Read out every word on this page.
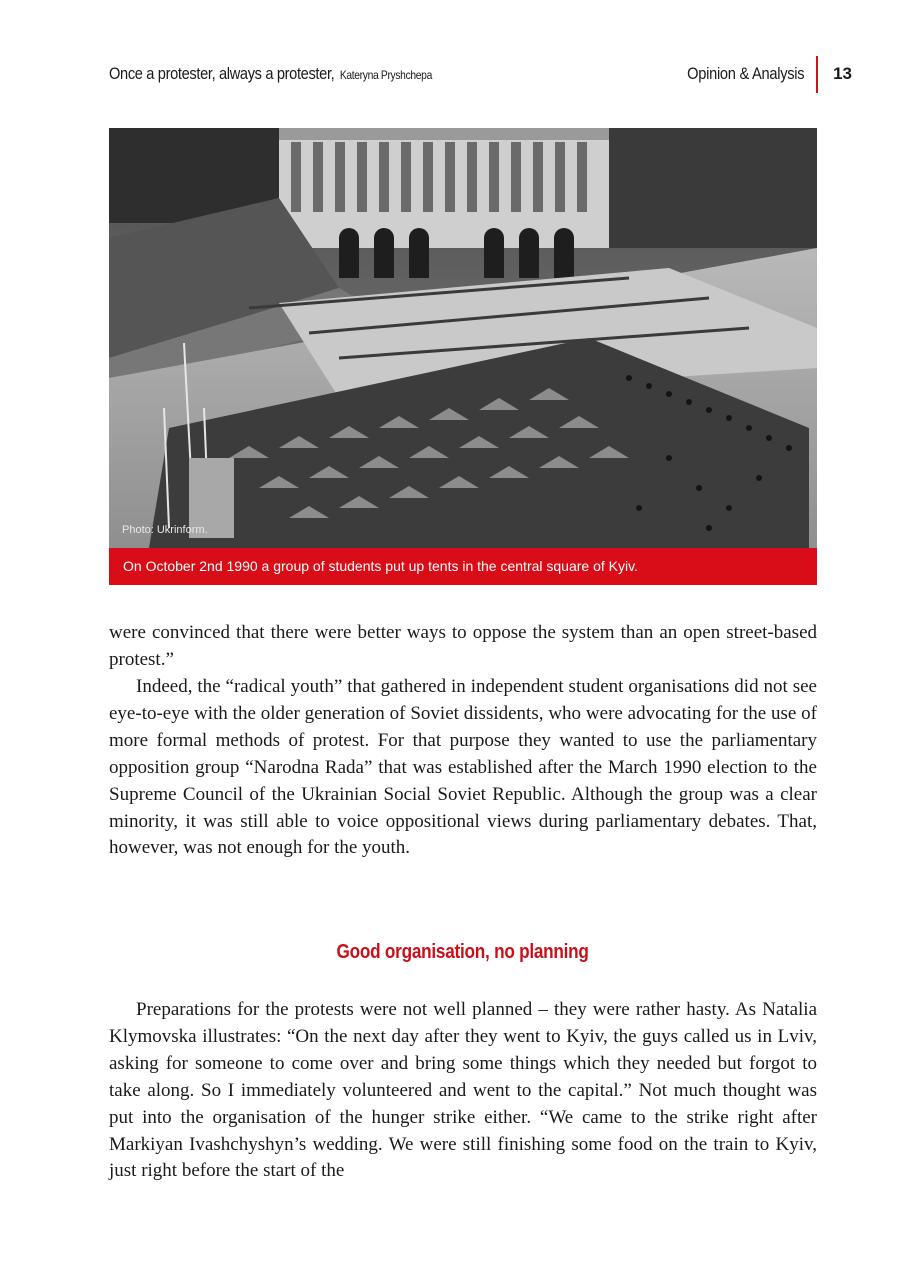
Once a protester, always a protester, Kateryna Pryshchepa	Opinion & Analysis 13
Photo: Ukrinform.
On October 2nd 1990 a group of students put up tents in the central square of Kyiv.

were convinced that there were better ways to oppose the system than an open street-based protest.”

Indeed, the “radical youth” that gathered in independent student organisations did not see eye-to-eye with the older generation of Soviet dissidents, who were advocating for the use of more formal methods of protest. For that purpose they wanted to use the parliamentary opposition group “Narodna Rada” that was established after the March 1990 election to the Supreme Council of the Ukrainian Social Soviet Republic. Although the group was a clear minority, it was still able to voice oppositional views during parliamentary debates. That, however, was not enough for the youth.

Good organisation, no planning

Preparations for the protests were not well planned – they were rather hasty. As Natalia Klymovska illustrates: “On the next day after they went to Kyiv, the guys called us in Lviv, asking for someone to come over and bring some things which they needed but forgot to take along. So I immediately volunteered and went to the capital.” Not much thought was put into the organisation of the hunger strike either. “We came to the strike right after Markiyan Ivashchyshyn’s wedding. We were still finishing some food on the train to Kyiv, just right before the start of the
